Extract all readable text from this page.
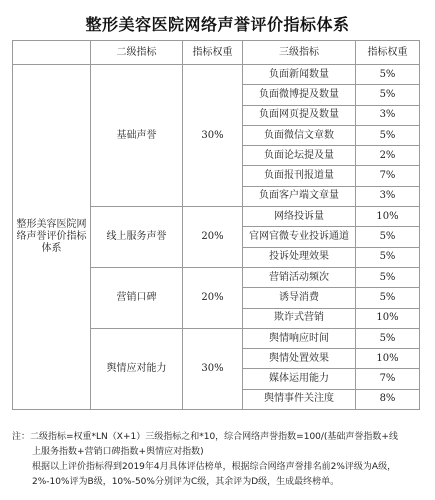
整形美容医院网络声誉评价指标体系
	二级指标	指标权重	三级指标	指标权重
整形美容医院网络声誉评价指标体系	基础声誉	30%	负面新闻数量	5%
			负面微博提及数量	5%
			负面网页提及数量	3%
			负面微信文章数	5%
			负面论坛提及量	2%
			负面报刊报道量	7%
			负面客户端文章量	3%
	线上服务声誉	20%	网络投诉量	10%
			官网官微专业投诉通道	5%
			投诉处理效果	5%
	营销口碑	20%	营销活动频次	5%
			诱导消费	5%
			欺诈式营销	10%
	舆情应对能力	30%	舆情响应时间	5%
			舆情处置效果	10%
			媒体运用能力	7%
			舆情事件关注度	8%

注：二级指标=权重*LN（X+1）三级指标之和*10，综合网络声誉指数=100/(基础声誉指数+线

上服务指数+营销口碑指数+舆情应对指数)

根据以上评价指标得到2019年4月具体评估榜单，根据综合网络声誉排名前2%评级为A级，

2%-10%评为B级，10%-50%分别评为C级，其余评为D级，生成最终榜单。
